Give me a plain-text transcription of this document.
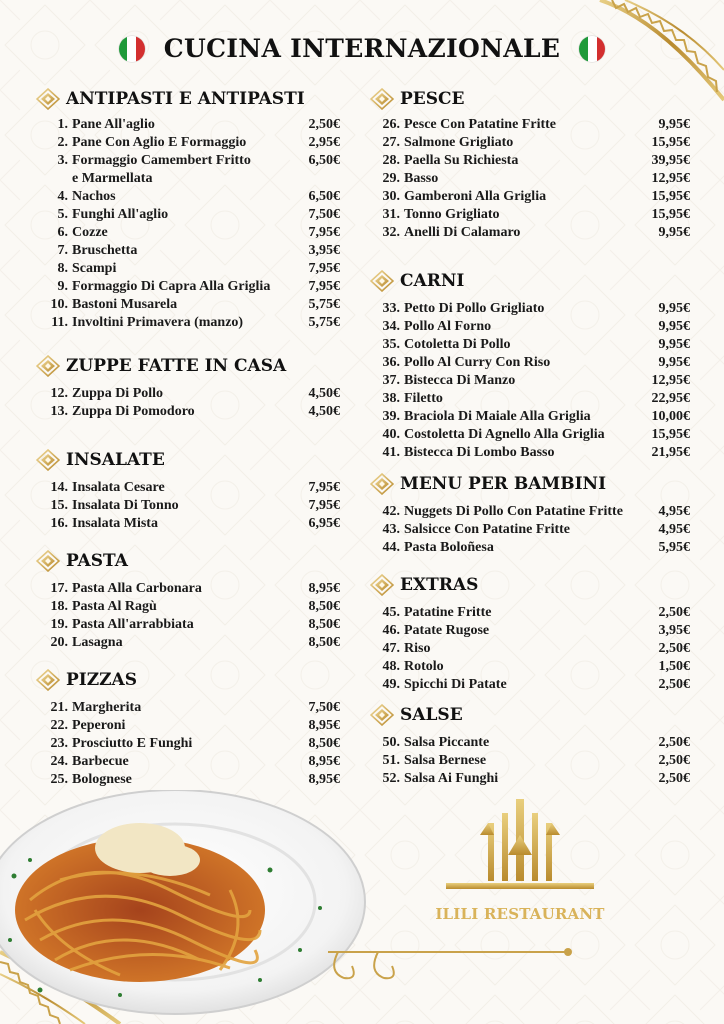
CUCINA INTERNAZIONALE
ANTIPASTI E ANTIPASTI
1. Pane All'aglio	2,50€
2. Pane Con Aglio E Formaggio	2,95€
3. Formaggio Camembert Fritto	6,50€
e Marmellata
4. Nachos	6,50€
5. Funghi All'aglio	7,50€
6. Cozze	7,95€
7. Bruschetta	3,95€
8. Scampi	7,95€
9. Formaggio Di Capra Alla Griglia	7,95€
10. Bastoni Musarela	5,75€
11. Involtini Primavera (manzo)	5,75€
ZUPPE FATTE IN CASA
12. Zuppa Di Pollo	4,50€
13. Zuppa Di Pomodoro	4,50€
INSALATE
14. Insalata Cesare	7,95€
15. Insalata Di Tonno	7,95€
16. Insalata Mista	6,95€
PASTA
17. Pasta Alla Carbonara	8,95€
18. Pasta Al Ragù	8,50€
19. Pasta All'arrabbiata	8,50€
20. Lasagna	8,50€
PIZZAS
21. Margherita	7,50€
22. Peperoni	8,95€
23. Prosciutto E Funghi	8,50€
24. Barbecue	8,95€
25. Bolognese	8,95€
PESCE
26. Pesce Con Patatine Fritte	9,95€
27. Salmone Grigliato	15,95€
28. Paella Su Richiesta	39,95€
29. Basso	12,95€
30. Gamberoni Alla Griglia	15,95€
31. Tonno Grigliato	15,95€
32. Anelli Di Calamaro	9,95€
CARNI
33. Petto Di Pollo Grigliato	9,95€
34. Pollo Al Forno	9,95€
35. Cotoletta Di Pollo	9,95€
36. Pollo Al Curry Con Riso	9,95€
37. Bistecca Di Manzo	12,95€
38. Filetto	22,95€
39. Braciola Di Maiale Alla Griglia	10,00€
40. Costoletta Di Agnello Alla Griglia	15,95€
41. Bistecca Di Lombo Basso	21,95€
MENU PER BAMBINI
42. Nuggets Di Pollo Con Patatine Fritte	4,95€
43. Salsicce Con Patatine Fritte	4,95€
44. Pasta Boloñesa	5,95€
EXTRAS
45. Patatine Fritte	2,50€
46. Patate Rugose	3,95€
47. Riso	2,50€
48. Rotolo	1,50€
49. Spicchi Di Patate	2,50€
SALSE
50. Salsa Piccante	2,50€
51. Salsa Bernese	2,50€
52. Salsa Ai Funghi	2,50€
ILILI RESTAURANT
